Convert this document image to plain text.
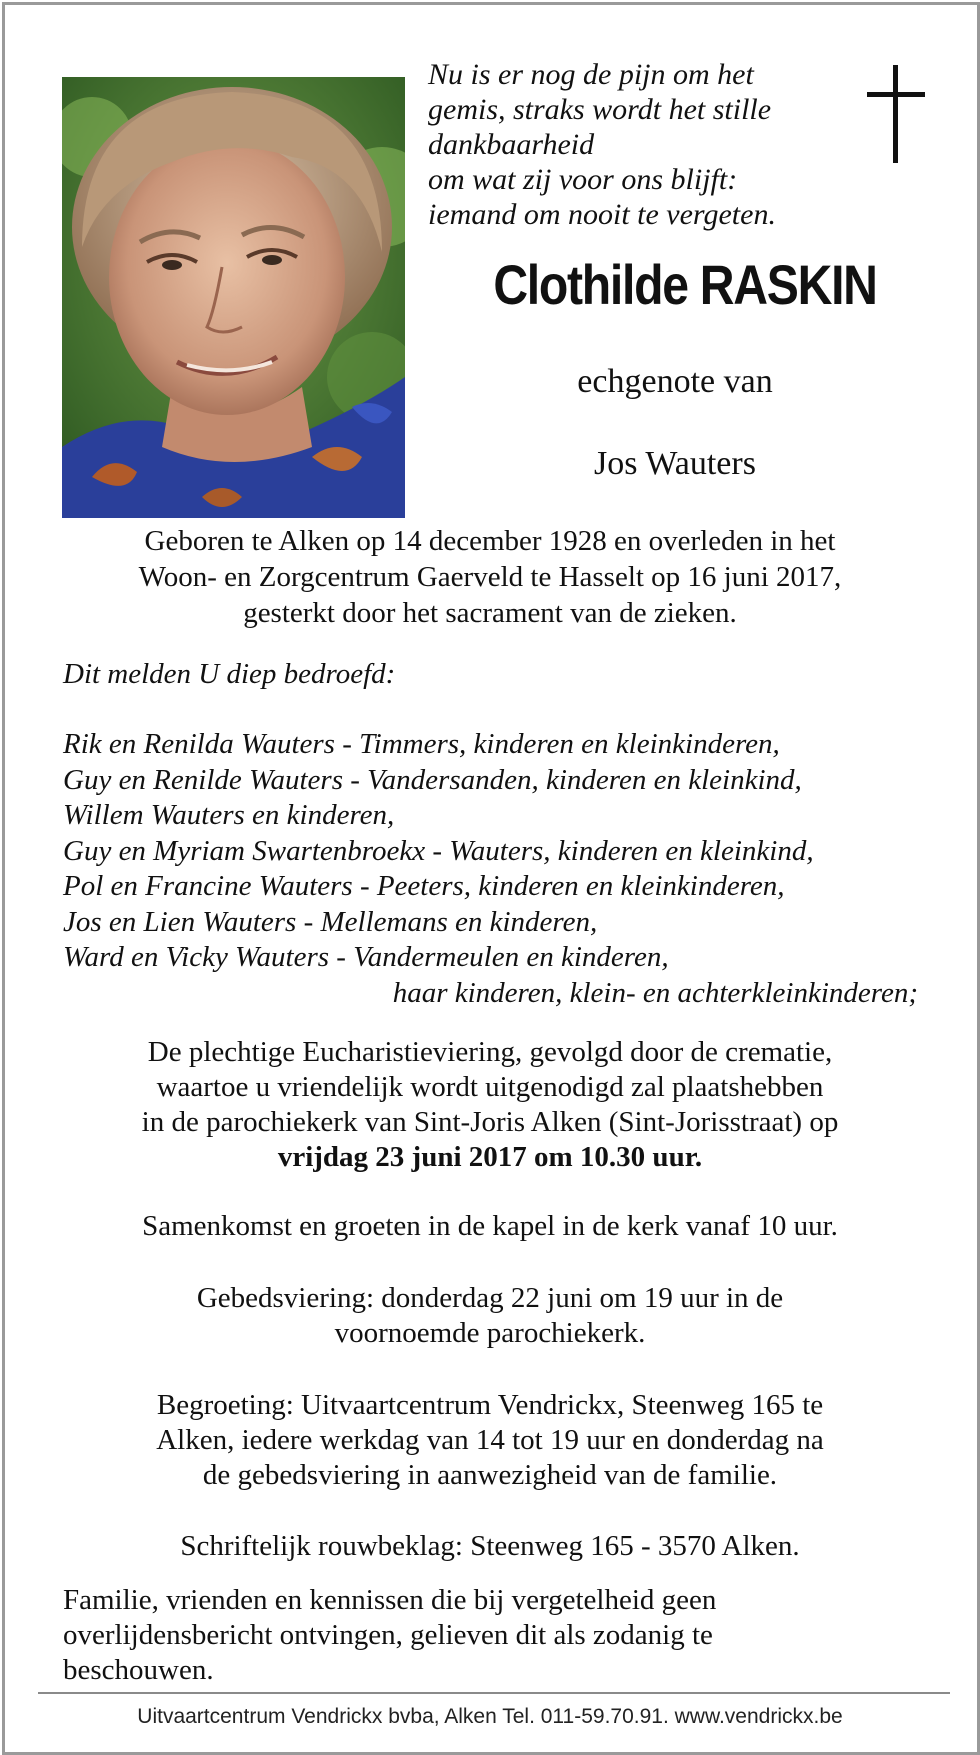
Nu is er nog de pijn om het
gemis, straks wordt het stille
dankbaarheid
om wat zij voor ons blijft:
iemand om nooit te vergeten.
Clothilde RASKIN
echgenote van
Jos Wauters
Geboren te Alken op 14 december 1928 en overleden in het
Woon- en Zorgcentrum Gaerveld te Hasselt op 16 juni 2017,
gesterkt door het sacrament van de zieken.
Dit melden U diep bedroefd:
Rik en Renilda Wauters - Timmers, kinderen en kleinkinderen,
Guy en Renilde Wauters - Vandersanden, kinderen en kleinkind,
Willem Wauters en kinderen,
Guy en Myriam Swartenbroekx - Wauters, kinderen en kleinkind,
Pol en Francine Wauters - Peeters, kinderen en kleinkinderen,
Jos en Lien Wauters - Mellemans en kinderen,
Ward en Vicky Wauters - Vandermeulen en kinderen,
haar kinderen, klein- en achterkleinkinderen;
De plechtige Eucharistieviering, gevolgd door de crematie,
waartoe u vriendelijk wordt uitgenodigd zal plaatshebben
in de parochiekerk van Sint-Joris Alken (Sint-Jorisstraat) op
vrijdag 23 juni 2017 om 10.30 uur.
Samenkomst en groeten in de kapel in de kerk vanaf 10 uur.
Gebedsviering: donderdag 22 juni om 19 uur in de
voornoemde parochiekerk.
Begroeting: Uitvaartcentrum Vendrickx, Steenweg 165 te
Alken, iedere werkdag van 14 tot 19 uur en donderdag na
de gebedsviering in aanwezigheid van de familie.
Schriftelijk rouwbeklag: Steenweg 165 - 3570 Alken.
Familie, vrienden en kennissen die bij vergetelheid geen
overlijdensbericht ontvingen, gelieven dit als zodanig te
beschouwen.
Uitvaartcentrum Vendrickx bvba, Alken Tel. 011-59.70.91. www.vendrickx.be
